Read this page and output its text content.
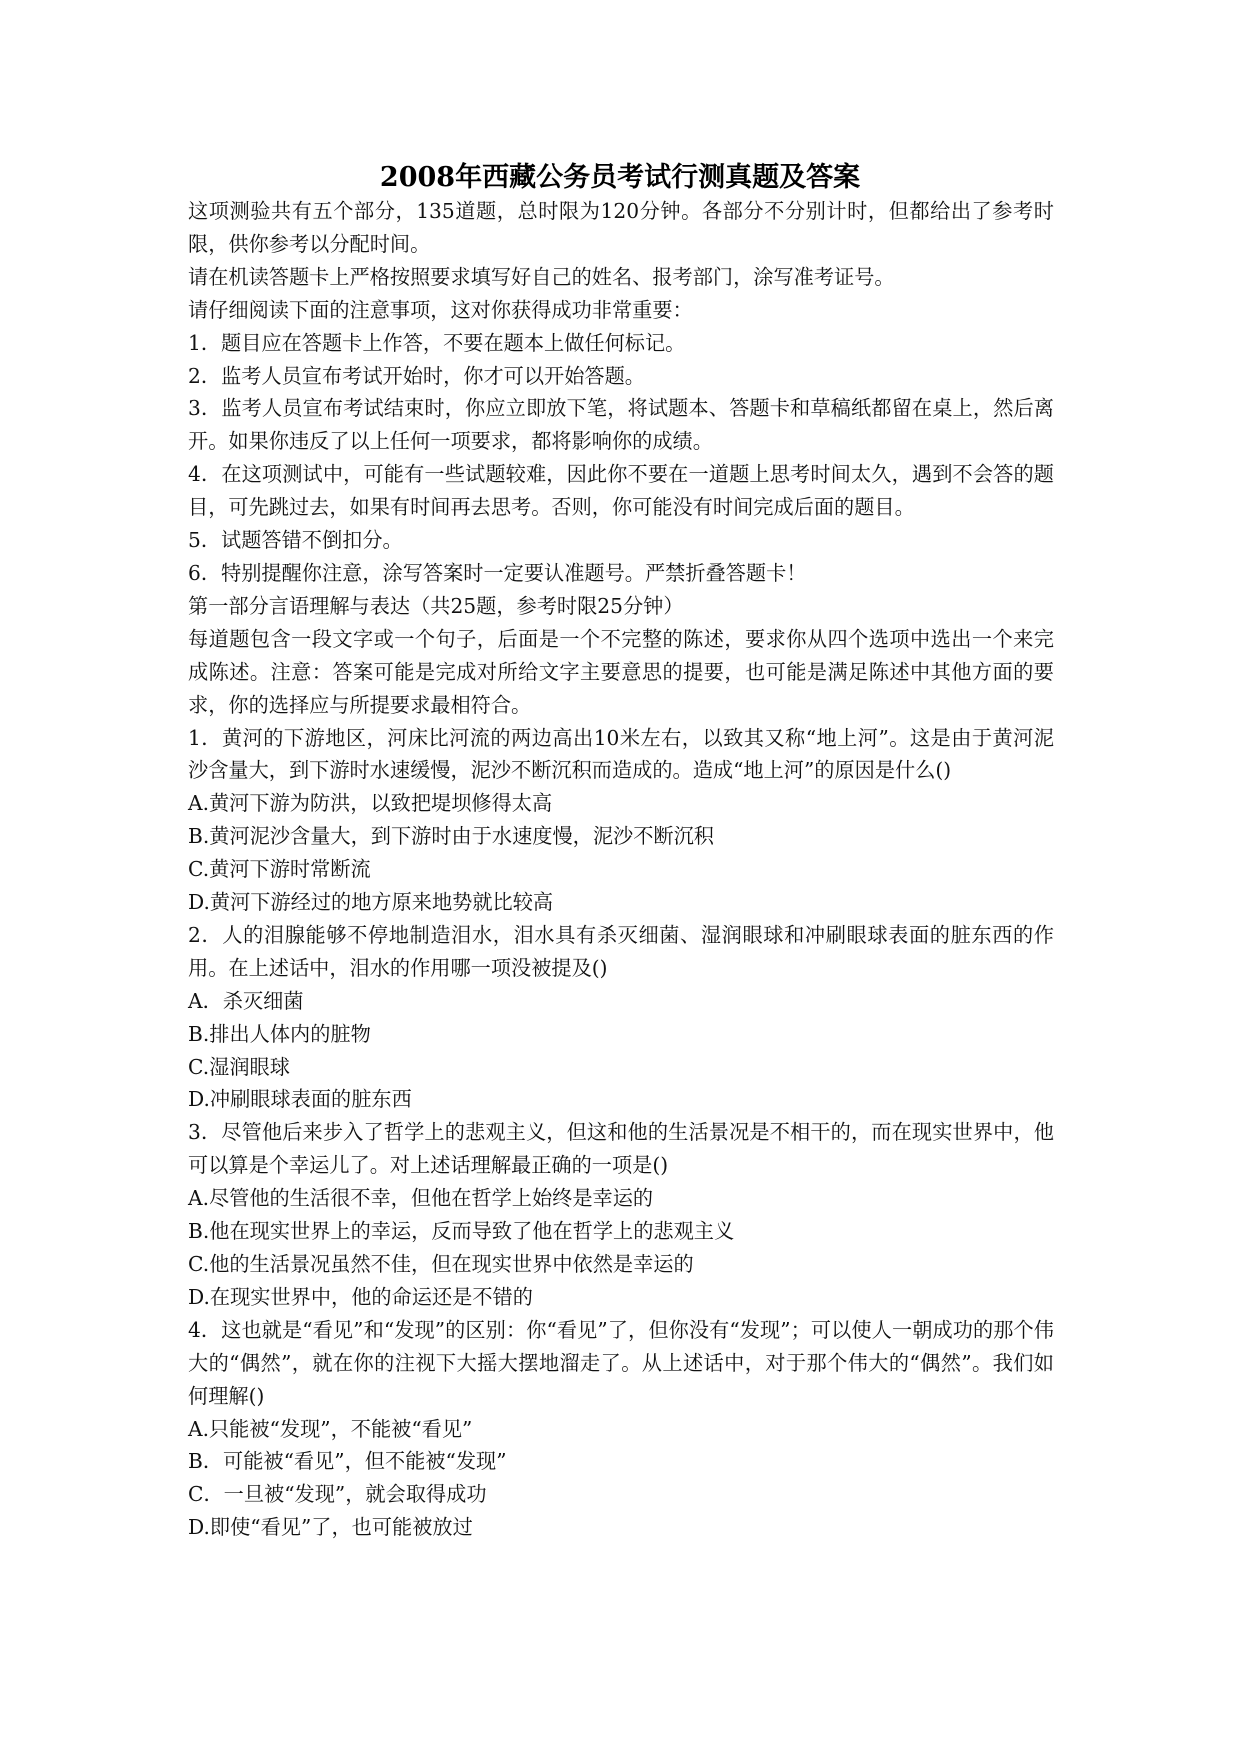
2008年西藏公务员考试行测真题及答案

这项测验共有五个部分，135道题，总时限为120分钟。各部分不分别计时，但都给出了参考时限，供你参考以分配时间。

请在机读答题卡上严格按照要求填写好自己的姓名、报考部门，涂写准考证号。

请仔细阅读下面的注意事项，这对你获得成功非常重要：

1．题目应在答题卡上作答，不要在题本上做任何标记。

2．监考人员宣布考试开始时，你才可以开始答题。

3．监考人员宣布考试结束时，你应立即放下笔，将试题本、答题卡和草稿纸都留在桌上，然后离开。如果你违反了以上任何一项要求，都将影响你的成绩。

4．在这项测试中，可能有一些试题较难，因此你不要在一道题上思考时间太久，遇到不会答的题目，可先跳过去，如果有时间再去思考。否则，你可能没有时间完成后面的题目。

5．试题答错不倒扣分。

6．特别提醒你注意，涂写答案时一定要认准题号。严禁折叠答题卡！

第一部分言语理解与表达（共25题，参考时限25分钟）

每道题包含一段文字或一个句子，后面是一个不完整的陈述，要求你从四个选项中选出一个来完成陈述。注意：答案可能是完成对所给文字主要意思的提要，也可能是满足陈述中其他方面的要求，你的选择应与所提要求最相符合。

1．黄河的下游地区，河床比河流的两边高出10米左右，以致其又称“地上河”。这是由于黄河泥沙含量大，到下游时水速缓慢，泥沙不断沉积而造成的。造成“地上河”的原因是什么()

A.黄河下游为防洪，以致把堤坝修得太高

B.黄河泥沙含量大，到下游时由于水速度慢，泥沙不断沉积

C.黄河下游时常断流

D.黄河下游经过的地方原来地势就比较高

2．人的泪腺能够不停地制造泪水，泪水具有杀灭细菌、湿润眼球和冲刷眼球表面的脏东西的作用。在上述话中，泪水的作用哪一项没被提及()

A．杀灭细菌

B.排出人体内的脏物

C.湿润眼球

D.冲刷眼球表面的脏东西

3．尽管他后来步入了哲学上的悲观主义，但这和他的生活景况是不相干的，而在现实世界中，他可以算是个幸运儿了。对上述话理解最正确的一项是()

A.尽管他的生活很不幸，但他在哲学上始终是幸运的

B.他在现实世界上的幸运，反而导致了他在哲学上的悲观主义

C.他的生活景况虽然不佳，但在现实世界中依然是幸运的

D.在现实世界中，他的命运还是不错的

4．这也就是“看见”和“发现”的区别：你“看见”了，但你没有“发现”；可以使人一朝成功的那个伟大的“偶然”，就在你的注视下大摇大摆地溜走了。从上述话中，对于那个伟大的“偶然”。我们如何理解()

A.只能被“发现”，不能被“看见”

B．可能被“看见”，但不能被“发现”

C．一旦被“发现”，就会取得成功

D.即使“看见”了，也可能被放过
